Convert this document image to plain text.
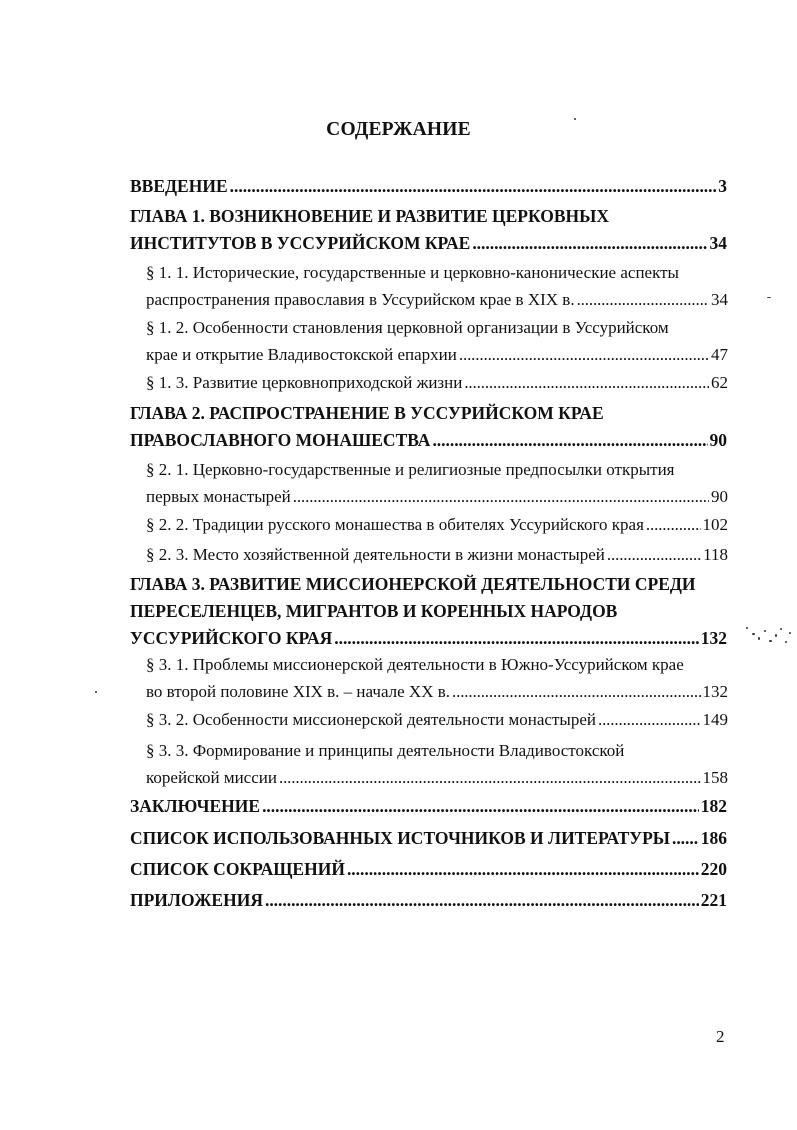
СОДЕРЖАНИЕ
ВВЕДЕНИЕ . . .	3
ГЛАВА 1. ВОЗНИКНОВЕНИЕ И РАЗВИТИЕ ЦЕРКОВНЫХ
ИНСТИТУТОВ В УССУРИЙСКОМ КРАЕ . . .	34
§ 1. 1. Исторические, государственные и церковно-канонические аспекты
распространения православия в Уссурийском крае в XIX в. . . .	34
§ 1. 2. Особенности становления церковной организации в Уссурийском
крае и открытие Владивостокской епархии . . .	47
§ 1. 3. Развитие церковноприходской жизни . . .	62
ГЛАВА 2. РАСПРОСТРАНЕНИЕ В УССУРИЙСКОМ КРАЕ
ПРАВОСЛАВНОГО МОНАШЕСТВА . . .	90
§ 2. 1. Церковно-государственные и религиозные предпосылки открытия
первых монастырей . . .	90
§ 2. 2. Традиции русского монашества в обителях Уссурийского края . . .	102
§ 2. 3. Место хозяйственной деятельности в жизни монастырей . . .	118
ГЛАВА 3. РАЗВИТИЕ МИССИОНЕРСКОЙ ДЕЯТЕЛЬНОСТИ СРЕДИ
ПЕРЕСЕЛЕНЦЕВ, МИГРАНТОВ И КОРЕННЫХ НАРОДОВ
УССУРИЙСКОГО КРАЯ . . .	132
§ 3. 1. Проблемы миссионерской деятельности в Южно-Уссурийском крае
во второй половине XIX в. – начале XX в. . . .	132
§ 3. 2. Особенности миссионерской деятельности монастырей . . .	149
§ 3. 3. Формирование и принципы деятельности Владивостокской
корейской миссии . . .	158
ЗАКЛЮЧЕНИЕ . . .	182
СПИСОК ИСПОЛЬЗОВАННЫХ ИСТОЧНИКОВ И ЛИТЕРАТУРЫ . . . 186
СПИСОК СОКРАЩЕНИЙ . . .	220
ПРИЛОЖЕНИЯ . . .	221
2
